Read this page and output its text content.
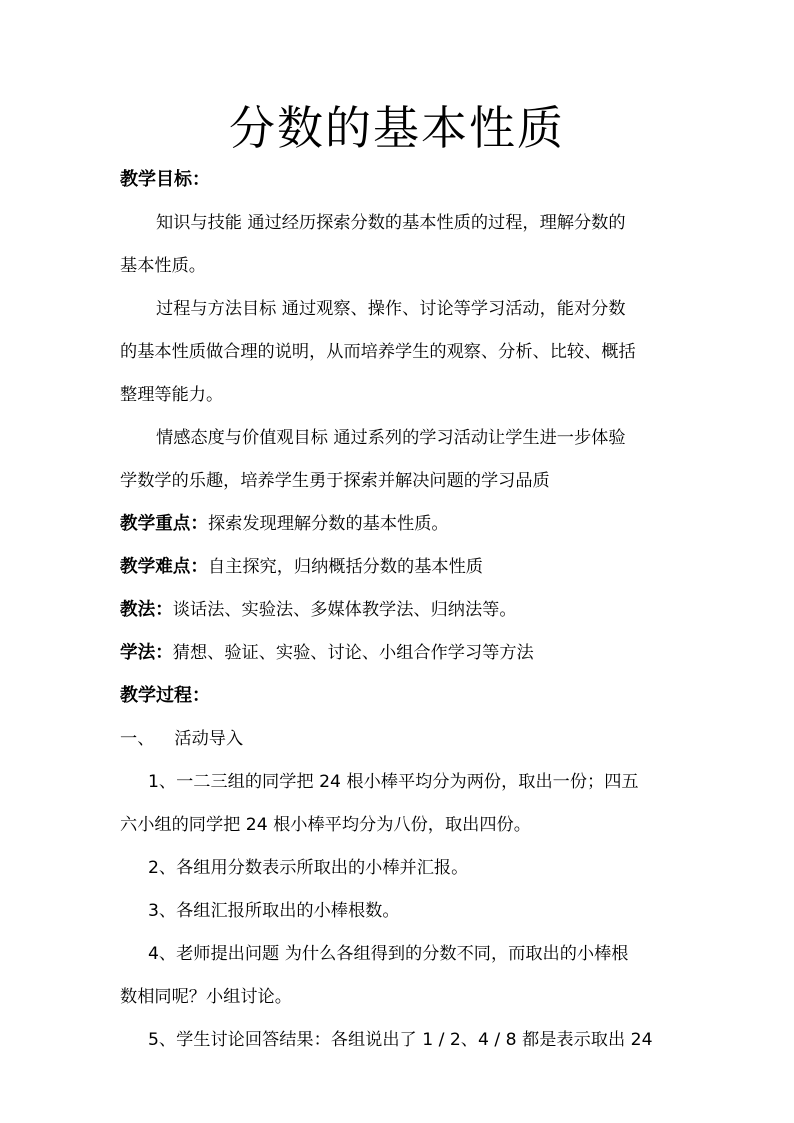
分数的基本性质
教学目标：
知识与技能 通过经历探索分数的基本性质的过程，理解分数的
基本性质。
过程与方法目标 通过观察、操作、讨论等学习活动，能对分数
的基本性质做合理的说明，从而培养学生的观察、分析、比较、概括
整理等能力。
情感态度与价值观目标 通过系列的学习活动让学生进一步体验
学数学的乐趣，培养学生勇于探索并解决问题的学习品质
教学重点：探索发现理解分数的基本性质。
教学难点：自主探究，归纳概括分数的基本性质
教法：谈话法、实验法、多媒体教学法、归纳法等。
学法：猜想、验证、实验、讨论、小组合作学习等方法
教学过程：
一、 活动导入
1、一二三组的同学把 24 根小棒平均分为两份，取出一份；四五
六小组的同学把 24 根小棒平均分为八份，取出四份。
2、各组用分数表示所取出的小棒并汇报。
3、各组汇报所取出的小棒根数。
4、老师提出问题 为什么各组得到的分数不同，而取出的小棒根
数相同呢？小组讨论。
5、学生讨论回答结果：各组说出了 1 / 2、4 / 8 都是表示取出 24
